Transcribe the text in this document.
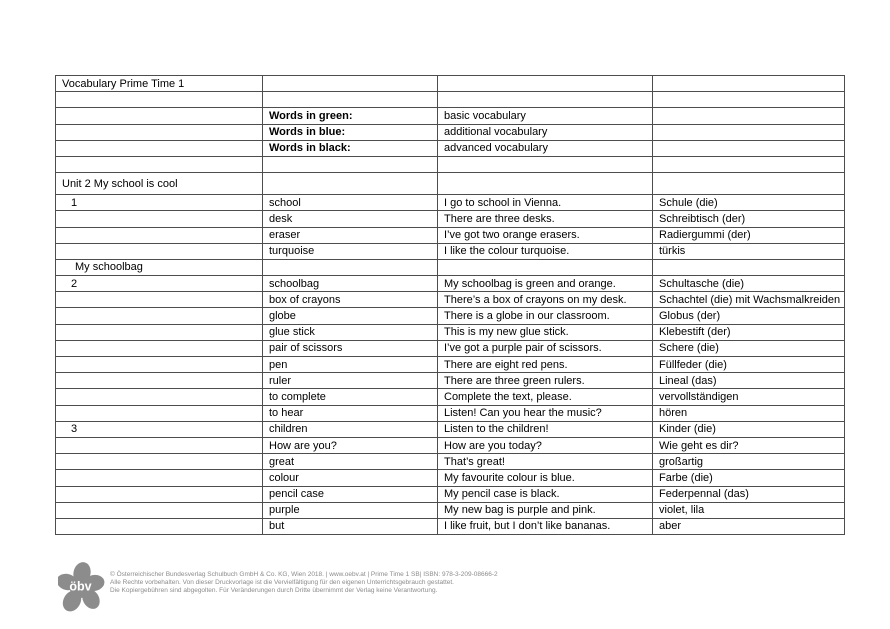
Vocabulary Prime Time 1			

	Words in green:	basic vocabulary	
	Words in blue:	additional vocabulary	
	Words in black:	advanced vocabulary	

Unit 2 My school is cool			
1	school	I go to school in Vienna.	Schule (die)
	desk	There are three desks.	Schreibtisch (der)
	eraser	I’ve got two orange erasers.	Radiergummi (der)
	turquoise	I like the colour turquoise.	türkis
My schoolbag			
2	schoolbag	My schoolbag is green and orange.	Schultasche (die)
	box of crayons	There’s a box of crayons on my desk.	Schachtel (die) mit Wachsmalkreiden
	globe	There is a globe in our classroom.	Globus (der)
	glue stick	This is my new glue stick.	Klebestift (der)
	pair of scissors	I’ve got a purple pair of scissors.	Schere (die)
	pen	There are eight red pens.	Füllfeder (die)
	ruler	There are three green rulers.	Lineal (das)
	to complete	Complete the text, please.	vervollständigen
	to hear	Listen! Can you hear the music?	hören
3	children	Listen to the children!	Kinder (die)
	How are you?	How are you today?	Wie geht es dir?
	great	That’s great!	großartig
	colour	My favourite colour is blue.	Farbe (die)
	pencil case	My pencil case is black.	Federpennal (das)
	purple	My new bag is purple and pink.	violet, lila
	but	I like fruit, but I don’t like bananas.	aber
öbv
© Österreichischer Bundesverlag Schulbuch GmbH & Co. KG, Wien 2018. | www.oebv.at | Prime Time 1 SB| ISBN: 978-3-209-08666-2
Alle Rechte vorbehalten. Von dieser Druckvorlage ist die Vervielfältigung für den eigenen Unterrichtsgebrauch gestattet.
Die Kopiergebühren sind abgegolten. Für Veränderungen durch Dritte übernimmt der Verlag keine Verantwortung.
